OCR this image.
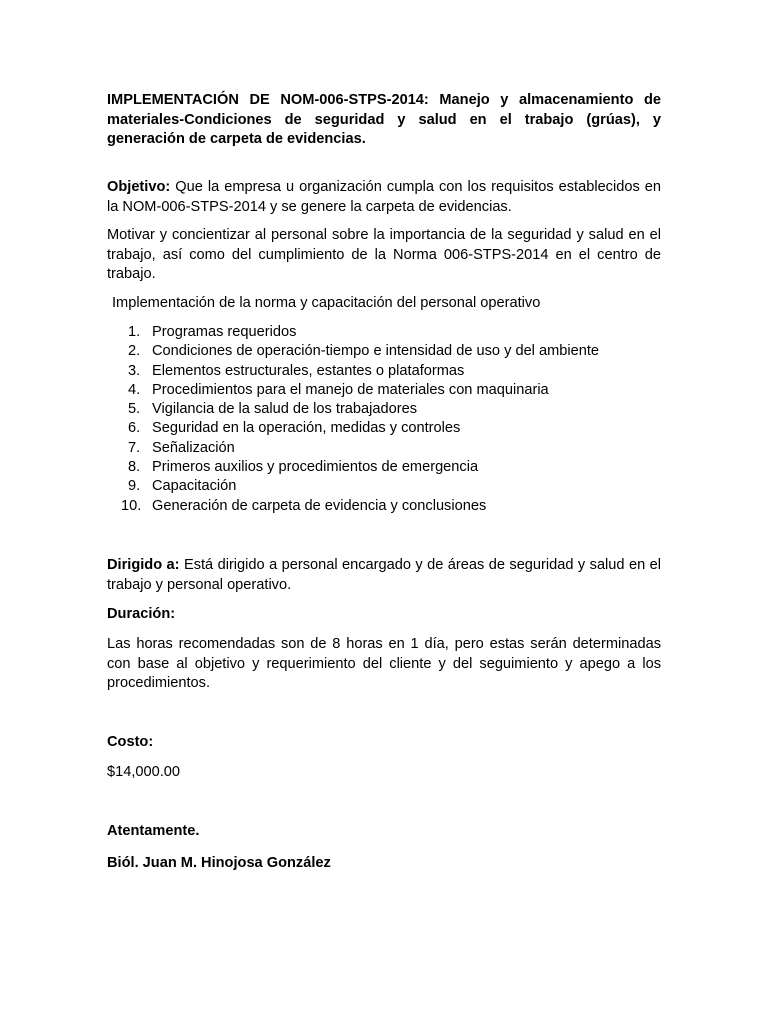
IMPLEMENTACIÓN DE NOM-006-STPS-2014: Manejo y almacenamiento de materiales-Condiciones de seguridad y salud en el trabajo (grúas), y generación de carpeta de evidencias.
Objetivo: Que la empresa u organización cumpla con los requisitos establecidos en la NOM-006-STPS-2014 y se genere la carpeta de evidencias.
Motivar y concientizar al personal sobre la importancia de la seguridad y salud en el trabajo, así como del cumplimiento de la Norma 006-STPS-2014 en el centro de trabajo.
Implementación de la norma y capacitación del personal operativo
1. Programas requeridos
2. Condiciones de operación-tiempo e intensidad de uso y del ambiente
3. Elementos estructurales, estantes o plataformas
4. Procedimientos para el manejo de materiales con maquinaria
5. Vigilancia de la salud de los trabajadores
6. Seguridad en la operación, medidas y controles
7. Señalización
8. Primeros auxilios y procedimientos de emergencia
9. Capacitación
10. Generación de carpeta de evidencia y conclusiones
Dirigido a: Está dirigido a personal encargado y de áreas de seguridad y salud en el trabajo y personal operativo.
Duración:
Las horas recomendadas son de 8 horas en 1 día, pero estas serán determinadas con base al objetivo y requerimiento del cliente y del seguimiento y apego a los procedimientos.
Costo:
$14,000.00
Atentamente.
Biól. Juan M. Hinojosa González
